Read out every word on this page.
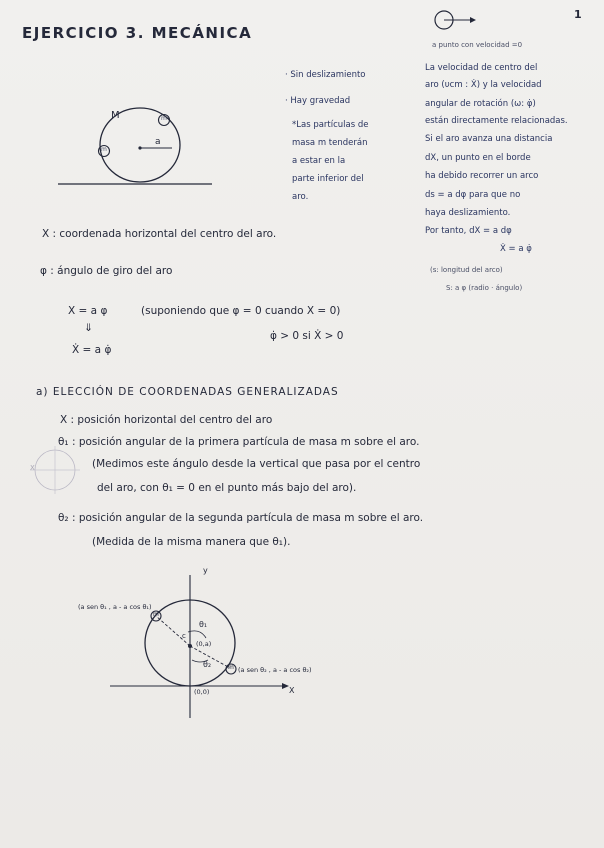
EJERCICIO 3. MECÁNICA
1
a punto con velocidad =0
La velocidad de centro del
aro (υcm : Ẋ) y la velocidad
angular de rotación (ω: φ̇)
están directamente relacionadas.
Si el aro avanza una distancia
dX, un punto en el borde
ha debido recorrer un arco
ds = a dφ para que no
haya deslizamiento.
Por tanto, dX = a dφ
Ẋ = a φ̇
(s: longitud del arco)
S: a φ (radio · ángulo)
· Sin deslizamiento
· Hay gravedad
*Las partículas de
masa m tenderán
a estar en la
parte inferior del
aro.
M
a
m
m
X : coordenada horizontal del centro del aro.
φ : ángulo de giro del aro
X = a φ	(suponiendo que φ = 0 cuando X = 0)
⇓
φ̇ > 0 si Ẋ > 0
Ẋ = a φ̇
a) ELECCIÓN DE COORDENADAS GENERALIZADAS
X : posición horizontal del centro del aro
θ₁ : posición angular de la primera partícula de masa m sobre el aro.
(Medimos este ángulo desde la vertical que pasa por el centro
del aro, con θ₁ = 0 en el punto más bajo del aro).
θ₂ : posición angular de la segunda partícula de masa m sobre el aro.
(Medida de la misma manera que θ₁).
X
y
X
(a sen θ₁ , a - a cos θ₁)
(a sen θ₂ , a - a cos θ₂)
(0,a)
(0,0)
θ₁
θ₂
m
m
c
